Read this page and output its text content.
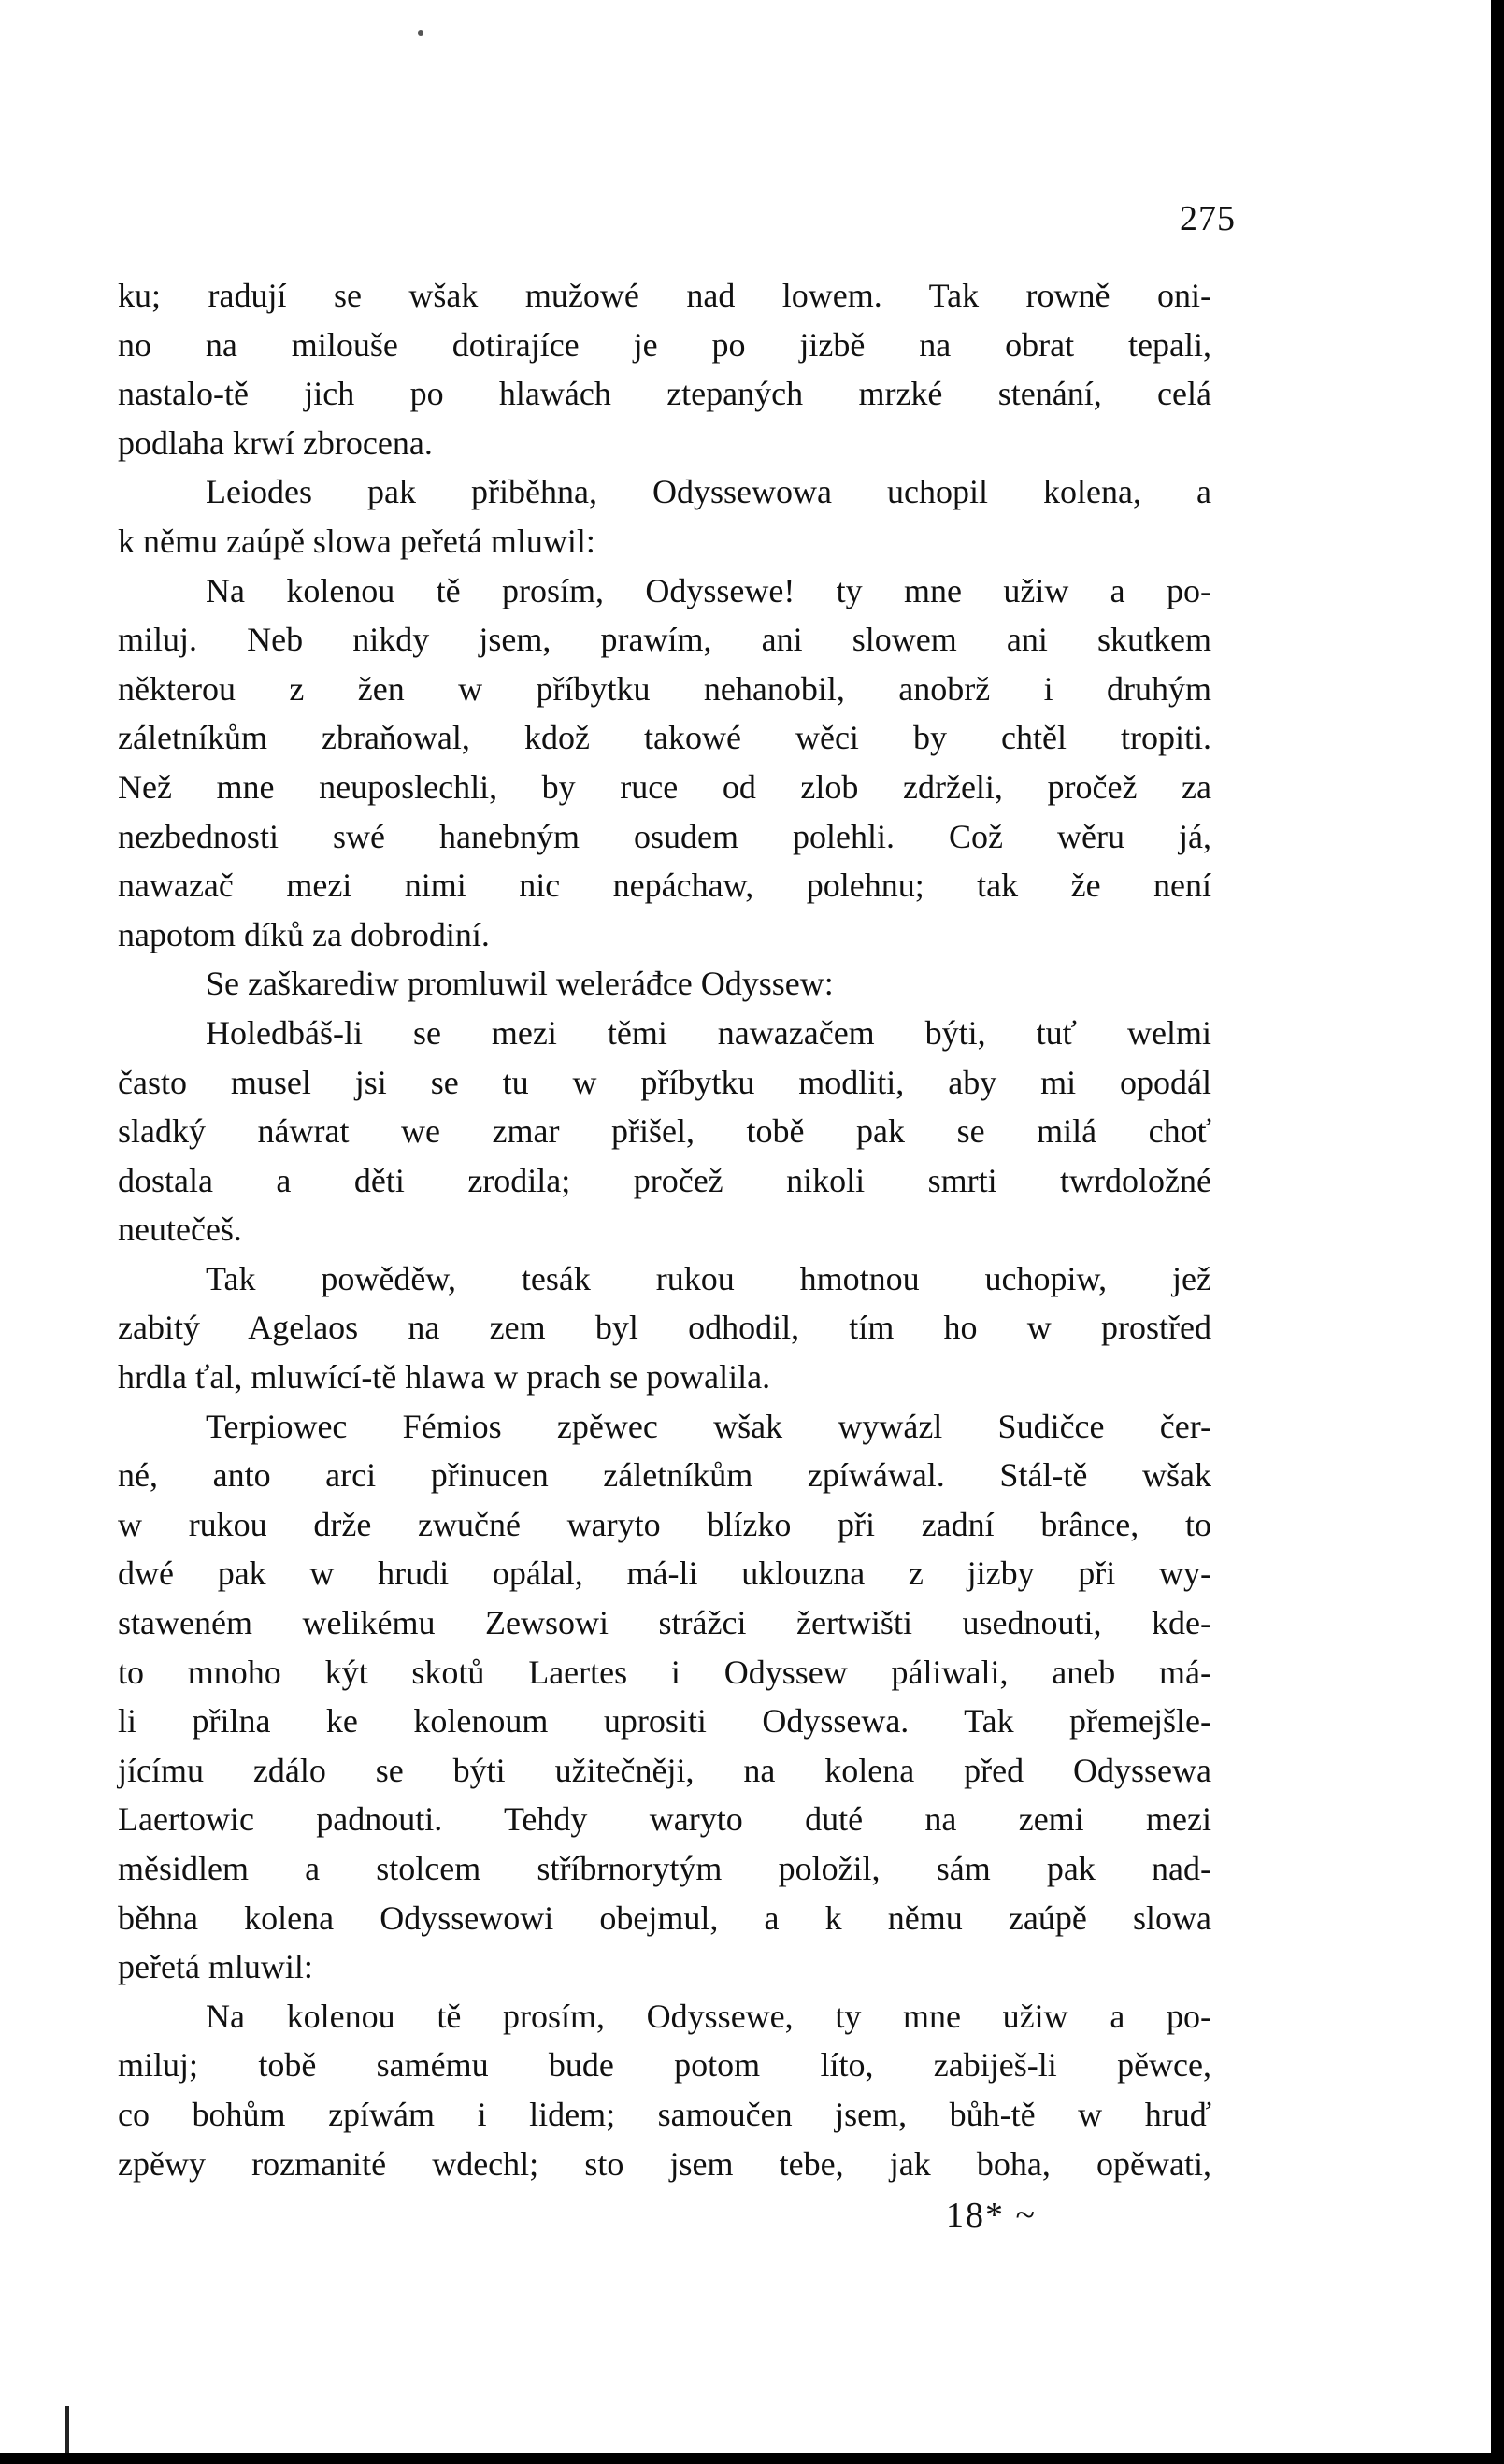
275
ku; radují se wšak mužowé nad lowem. Tak rowně oni-
no na milouše dotirajíce je po jizbě na obrat tepali,
nastalo-tě jich po hlawách ztepaných mrzké stenání, celá
podlaha krwí zbrocena.
Leiodes pak přiběhna, Odyssewowa uchopil kolena, a
k němu zaúpě slowa peřetá mluwil:
Na kolenou tě prosím, Odyssewe! ty mne užiw a po-
miluj. Neb nikdy jsem, prawím, ani slowem ani skutkem
některou z žen w příbytku nehanobil, anobrž i druhým
záletníkům zbraňowal, kdož takowé wěci by chtěl tropiti.
Než mne neuposlechli, by ruce od zlob zdrželi, pročež za
nezbednosti swé hanebným osudem polehli. Což wěru já,
nawazač mezi nimi nic nepáchaw, polehnu; tak že není
napotom díků za dobrodiní.
Se zaškarediw promluwil weleráđce Odyssew:
Holedbáš-li se mezi těmi nawazačem býti, tuť welmi
často musel jsi se tu w příbytku modliti, aby mi opodál
sladký náwrat we zmar přišel, tobě pak se milá choť
dostala a děti zrodila; pročež nikoli smrti twrdoložné
neutečeš.
Tak powěděw, tesák rukou hmotnou uchopiw, jež
zabitý Agelaos na zem byl odhodil, tím ho w prostřed
hrdla ťal, mluwící-tě hlawa w prach se powalila.
Terpiowec Fémios zpěwec wšak wywázl Sudičce čer-
né, anto arci přinucen záletníkům zpíwáwal. Stál-tě wšak
w rukou drže zwučné waryto blízko při zadní brânce, to
dwé pak w hrudi opálal, má-li uklouzna z jizby při wy-
staweném welikému Zewsowi strážci žertwišti usednouti, kde-
to mnoho kýt skotů Laertes i Odyssew páliwali, aneb má-
li přilna ke kolenoum uprositi Odyssewa. Tak přemejšle-
jícímu zdálo se býti užitečněji, na kolena před Odyssewa
Laertowic padnouti. Tehdy waryto duté na zemi mezi
měsidlem a stolcem stříbrnorytým položil, sám pak nad-
běhna kolena Odyssewowi obejmul, a k němu zaúpě slowa
peřetá mluwil:
Na kolenou tě prosím, Odyssewe, ty mne užiw a po-
miluj; tobě samému bude potom líto, zabiješ-li pěwce,
co bohům zpíwám i lidem; samoučen jsem, bůh-tě w hruď
zpěwy rozmanité wdechl; sto jsem tebe, jak boha, opěwati,
18* ~
